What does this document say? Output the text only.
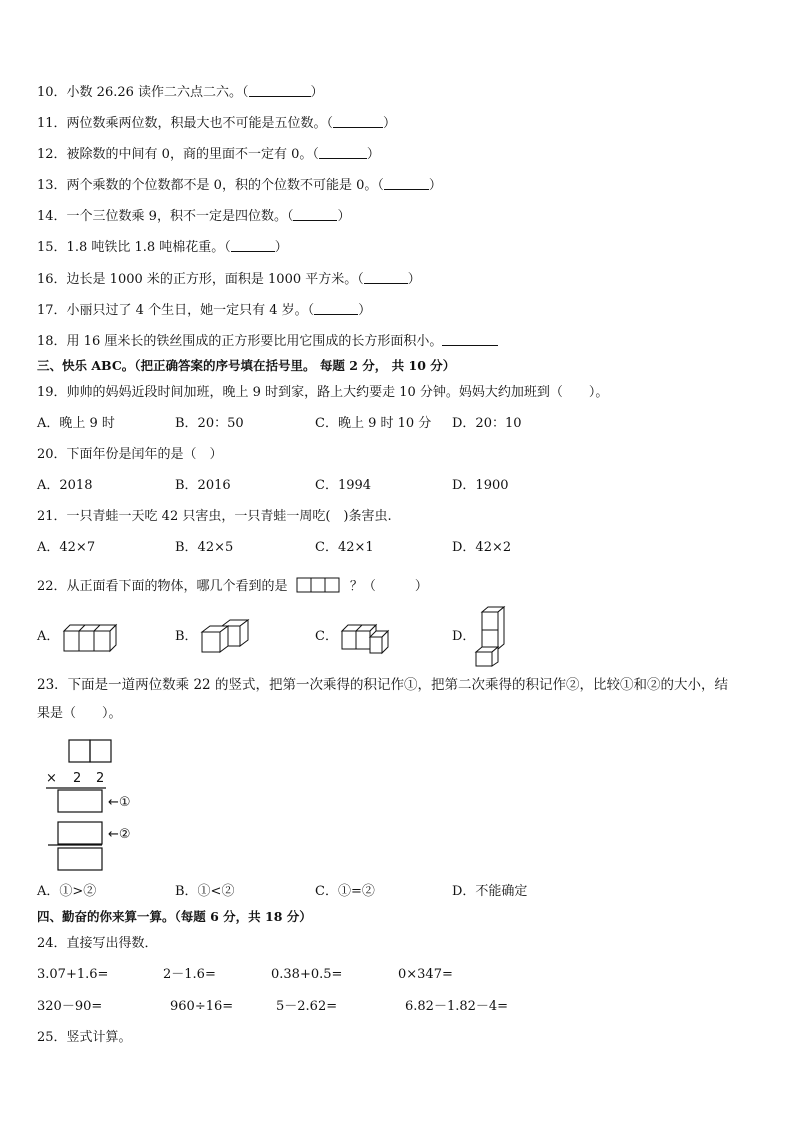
10．小数 26.26 读作二六点二六。（	）
11．两位数乘两位数，积最大也不可能是五位数。（	）
12．被除数的中间有 0，商的里面不一定有 0。（	）
13．两个乘数的个位数都不是 0，积的个位数不可能是 0。（	）
14．一个三位数乘 9，积不一定是四位数。（	）
15．1.8 吨铁比 1.8 吨棉花重。（	）
16．边长是 1000 米的正方形，面积是 1000 平方米。（	）
17．小丽只过了 4 个生日，她一定只有 4 岁。（	）
18．用 16 厘米长的铁丝围成的正方形要比用它围成的长方形面积小。
三、快乐 ABC。（把正确答案的序号填在括号里。 每题 2 分， 共 10 分）
19．帅帅的妈妈近段时间加班，晚上 9 时到家，路上大约要走 10 分钟。妈妈大约加班到（　　）。
A．晚上 9 时	B．20：50	C．晚上 9 时 10 分 D．20：10
20．下面年份是闰年的是（　）
A．2018	B．2016	C．1994	D．1900
21．一只青蛙一天吃 42 只害虫，一只青蛙一周吃(　)条害虫.
A．42×7	B．42×5	C．42×1	D．42×2
22．从正面看下面的物体，哪几个看到的是	？（　　　）
A．	B．	C．	D．
23．下面是一道两位数乘 22 的竖式，把第一次乘得的积记作①，把第二次乘得的积记作②，比较①和②的大小，结
果是（　　）。
× 2 2
←①
←②
A．①>②	B．①<②	C．①=②	D．不能确定
四、勤奋的你来算一算。（每题 6 分，共 18 分）
24．直接写出得数．
3.07+1.6=	2－1.6=	0.38+0.5=	0×347=
320－90=	960÷16=	5－2.62=	6.82－1.82－4=
25．竖式计算。
